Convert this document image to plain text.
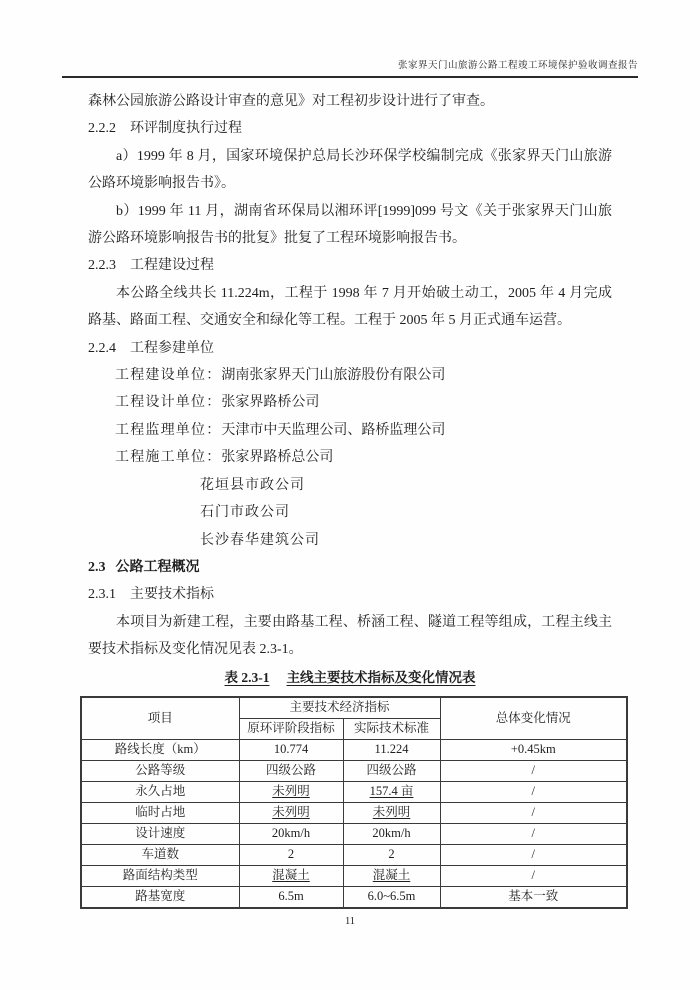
张家界天门山旅游公路工程竣工环境保护验收调查报告

森林公园旅游公路设计审查的意见》对工程初步设计进行了审查。

2.2.2 环评制度执行过程

a）1999 年 8 月，国家环境保护总局长沙环保学校编制完成《张家界天门山旅游公路环境影响报告书》。

b）1999 年 11 月，湖南省环保局以湘环评[1999]099 号文《关于张家界天门山旅游公路环境影响报告书的批复》批复了工程环境影响报告书。

2.2.3 工程建设过程

本公路全线共长 11.224m，工程于 1998 年 7 月开始破土动工，2005 年 4 月完成路基、路面工程、交通安全和绿化等工程。工程于 2005 年 5 月正式通车运营。

2.2.4 工程参建单位

工程建设单位：湖南张家界天门山旅游股份有限公司

工程设计单位：张家界路桥公司

工程监理单位：天津市中天监理公司、路桥监理公司

工程施工单位：张家界路桥总公司

花垣县市政公司

石门市政公司

长沙春华建筑公司

2.3 公路工程概况

2.3.1 主要技术指标

本项目为新建工程，主要由路基工程、桥涵工程、隧道工程等组成，工程主线主要技术指标及变化情况见表 2.3-1。

表 2.3-1 主线主要技术指标及变化情况表

项目	主要技术经济指标		总体变化情况
	原环评阶段指标	实际技术标准	
路线长度（km）	10.774	11.224	+0.45km
公路等级	四级公路	四级公路	/
永久占地	未列明	157.4 亩	/
临时占地	未列明	未列明	/
设计速度	20km/h	20km/h	/
车道数	2	2	/
路面结构类型	混凝土	混凝土	/
路基宽度	6.5m	6.0~6.5m	基本一致
11
